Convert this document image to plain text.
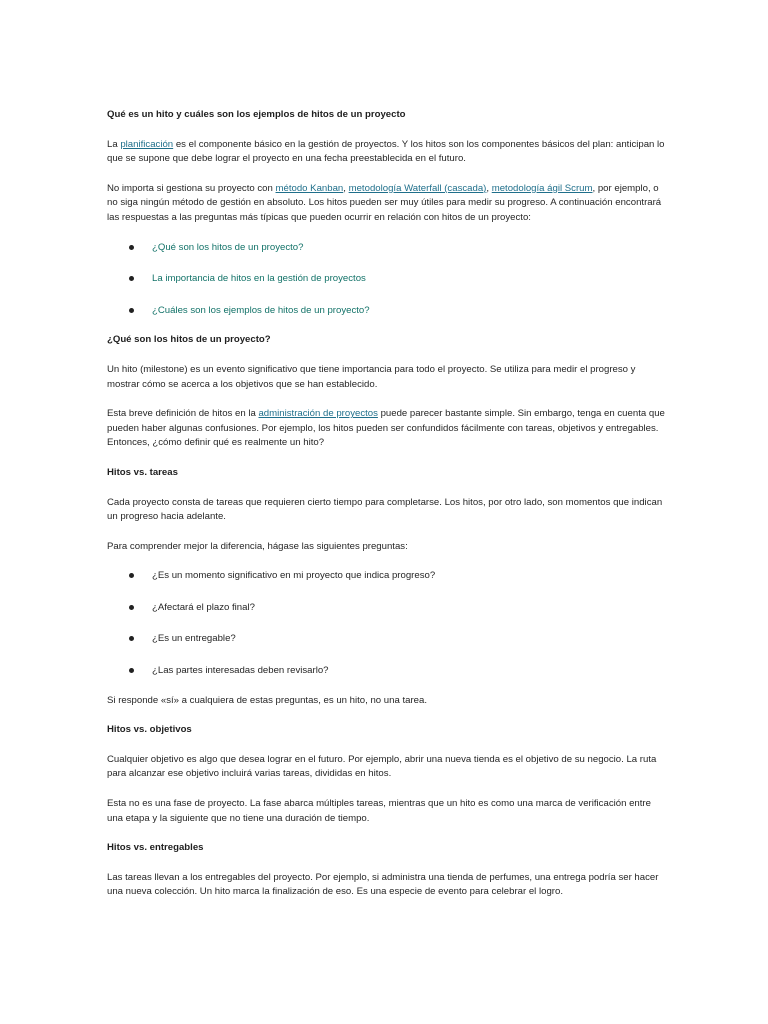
Qué es un hito y cuáles son los ejemplos de hitos de un proyecto

La planificación es el componente básico en la gestión de proyectos. Y los hitos son los componentes básicos del plan: anticipan lo que se supone que debe lograr el proyecto en una fecha preestablecida en el futuro.

No importa si gestiona su proyecto con método Kanban, metodología Waterfall (cascada), metodología ágil Scrum, por ejemplo, o no siga ningún método de gestión en absoluto. Los hitos pueden ser muy útiles para medir su progreso. A continuación encontrará las respuestas a las preguntas más típicas que pueden ocurrir en relación con hitos de un proyecto:

¿Qué son los hitos de un proyecto?
La importancia de hitos en la gestión de proyectos
¿Cuáles son los ejemplos de hitos de un proyecto?
¿Qué son los hitos de un proyecto?

Un hito (milestone) es un evento significativo que tiene importancia para todo el proyecto. Se utiliza para medir el progreso y mostrar cómo se acerca a los objetivos que se han establecido.

Esta breve definición de hitos en la administración de proyectos puede parecer bastante simple. Sin embargo, tenga en cuenta que pueden haber algunas confusiones. Por ejemplo, los hitos pueden ser confundidos fácilmente con tareas, objetivos y entregables. Entonces, ¿cómo definir qué es realmente un hito?

Hitos vs. tareas

Cada proyecto consta de tareas que requieren cierto tiempo para completarse. Los hitos, por otro lado, son momentos que indican un progreso hacia adelante.

Para comprender mejor la diferencia, hágase las siguientes preguntas:

¿Es un momento significativo en mi proyecto que indica progreso?
¿Afectará el plazo final?
¿Es un entregable?
¿Las partes interesadas deben revisarlo?

Si responde «sí» a cualquiera de estas preguntas, es un hito, no una tarea.

Hitos vs. objetivos

Cualquier objetivo es algo que desea lograr en el futuro. Por ejemplo, abrir una nueva tienda es el objetivo de su negocio. La ruta para alcanzar ese objetivo incluirá varias tareas, divididas en hitos.

Esta no es una fase de proyecto. La fase abarca múltiples tareas, mientras que un hito es como una marca de verificación entre una etapa y la siguiente que no tiene una duración de tiempo.

Hitos vs. entregables

Las tareas llevan a los entregables del proyecto. Por ejemplo, si administra una tienda de perfumes, una entrega podría ser hacer una nueva colección. Un hito marca la finalización de eso. Es una especie de evento para celebrar el logro.
